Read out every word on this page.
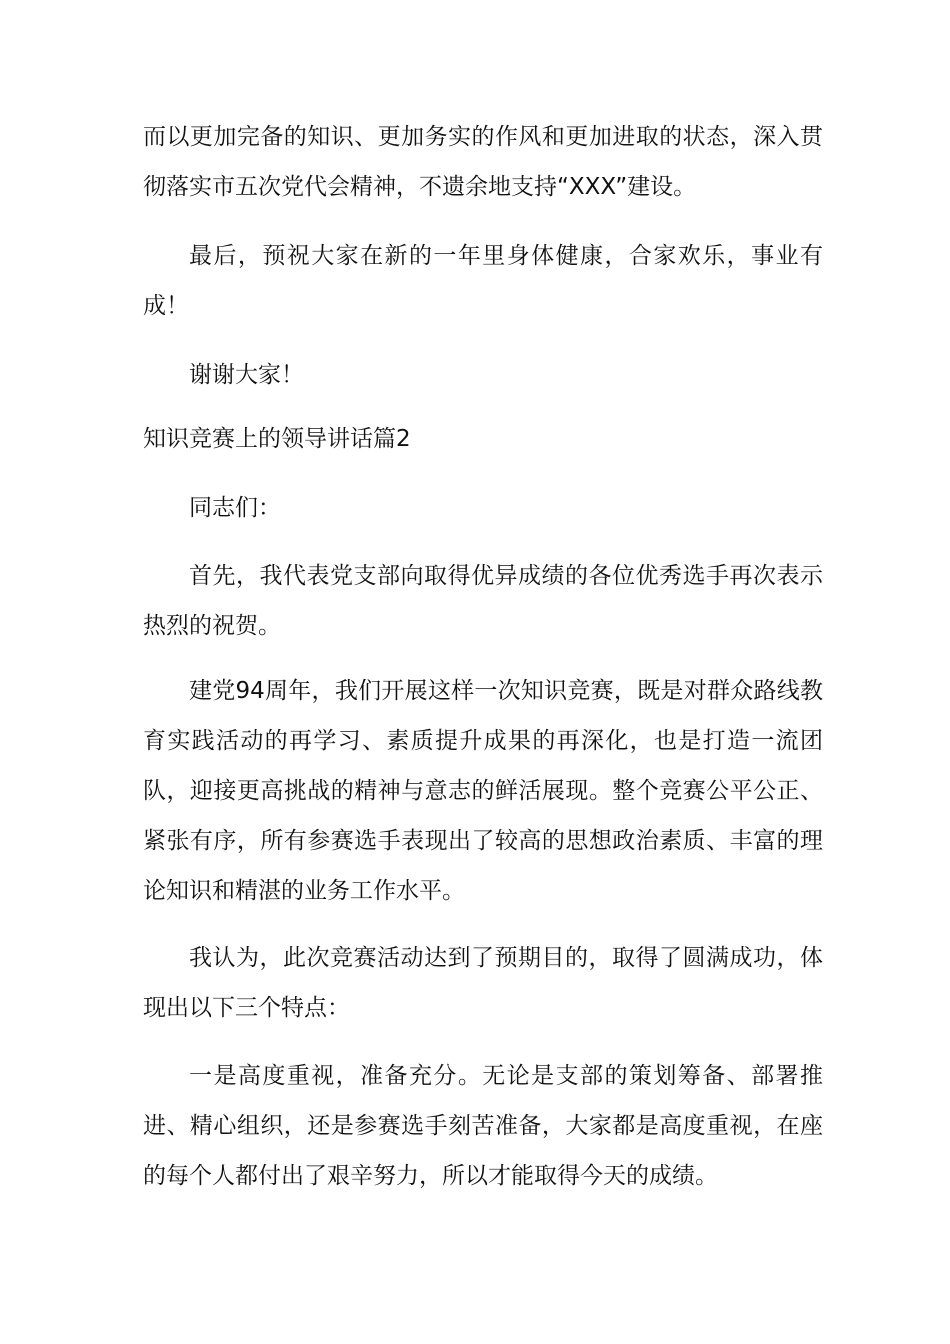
而以更加完备的知识、更加务实的作风和更加进取的状态，深入贯彻落实市五次党代会精神，不遗余地支持“XXX”建设。

最后，预祝大家在新的一年里身体健康，合家欢乐，事业有成！

谢谢大家！

知识竞赛上的领导讲话篇2

同志们：

首先，我代表党支部向取得优异成绩的各位优秀选手再次表示热烈的祝贺。

建党94周年，我们开展这样一次知识竞赛，既是对群众路线教育实践活动的再学习、素质提升成果的再深化，也是打造一流团队，迎接更高挑战的精神与意志的鲜活展现。整个竞赛公平公正、紧张有序，所有参赛选手表现出了较高的思想政治素质、丰富的理论知识和精湛的业务工作水平。

我认为，此次竞赛活动达到了预期目的，取得了圆满成功，体现出以下三个特点：

一是高度重视，准备充分。无论是支部的策划筹备、部署推进、精心组织，还是参赛选手刻苦准备，大家都是高度重视，在座的每个人都付出了艰辛努力，所以才能取得今天的成绩。
